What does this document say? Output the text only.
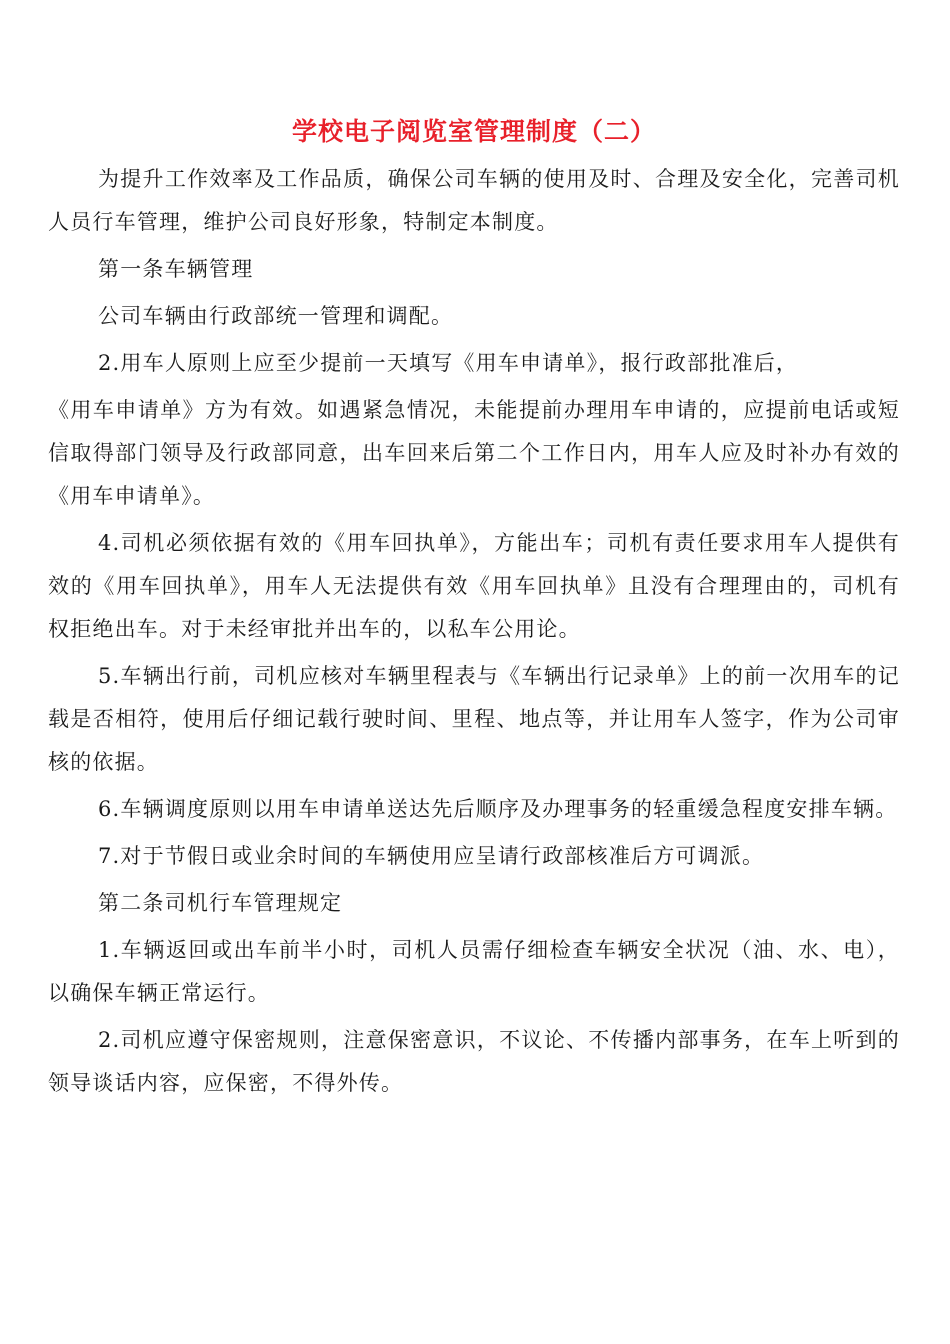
学校电子阅览室管理制度（二）

为提升工作效率及工作品质，确保公司车辆的使用及时、合理及安全化，完善司机人员行车管理，维护公司良好形象，特制定本制度。

第一条车辆管理

公司车辆由行政部统一管理和调配。

2.用车人原则上应至少提前一天填写《用车申请单》，报行政部批准后，

《用车申请单》方为有效。如遇紧急情况，未能提前办理用车申请的，应提前电话或短信取得部门领导及行政部同意，出车回来后第二个工作日内，用车人应及时补办有效的《用车申请单》。

4.司机必须依据有效的《用车回执单》，方能出车；司机有责任要求用车人提供有效的《用车回执单》，用车人无法提供有效《用车回执单》且没有合理理由的，司机有权拒绝出车。对于未经审批并出车的，以私车公用论。

5.车辆出行前，司机应核对车辆里程表与《车辆出行记录单》上的前一次用车的记载是否相符，使用后仔细记载行驶时间、里程、地点等，并让用车人签字，作为公司审核的依据。

6.车辆调度原则以用车申请单送达先后顺序及办理事务的轻重缓急程度安排车辆。

7.对于节假日或业余时间的车辆使用应呈请行政部核准后方可调派。

第二条司机行车管理规定

1.车辆返回或出车前半小时，司机人员需仔细检查车辆安全状况（油、水、电），以确保车辆正常运行。

2.司机应遵守保密规则，注意保密意识，不议论、不传播内部事务，在车上听到的领导谈话内容，应保密，不得外传。
